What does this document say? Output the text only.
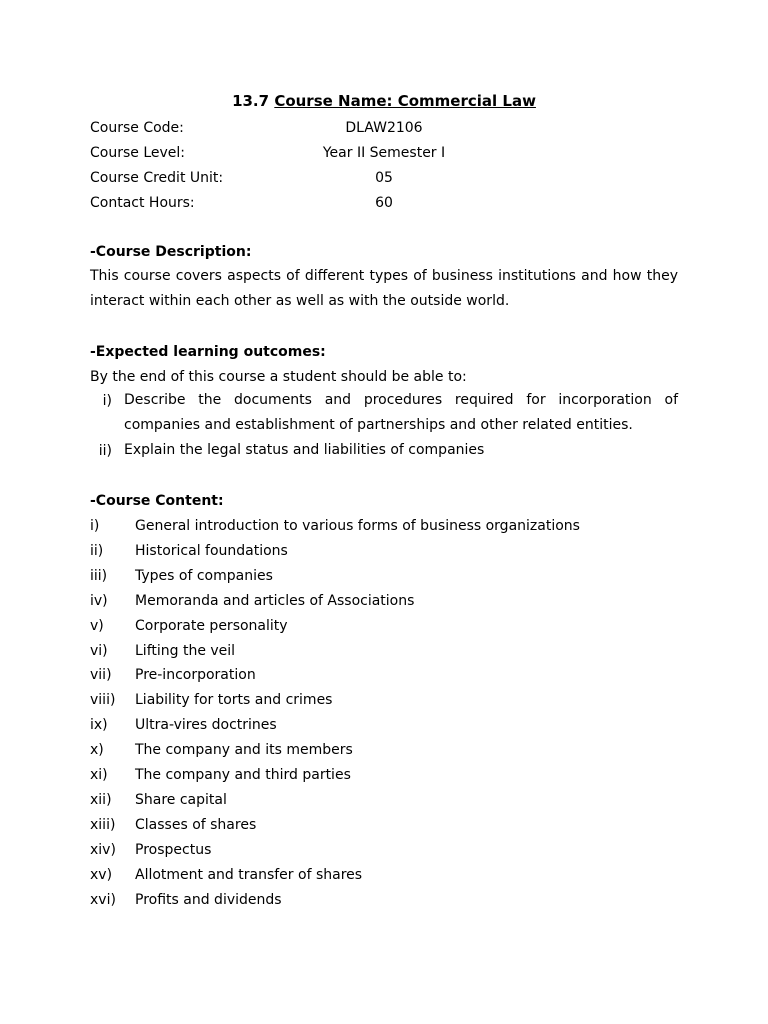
13.7 Course Name: Commercial Law
Course Code:	DLAW2106
Course Level:	Year II Semester I
Course Credit Unit:	05
Contact Hours:	60
-Course Description:

This course covers aspects of different types of business institutions and how they interact within each other as well as with the outside world.

-Expected learning outcomes:
By the end of this course a student should be able to:
i) Describe the documents and procedures required for incorporation of companies and establishment of partnerships and other related entities.

ii) Explain the legal status and liabilities of companies

-Course Content:
i)	General introduction to various forms of business organizations
ii) Historical foundations
iii) Types of companies
iv) Memoranda and articles of Associations
v) Corporate personality
vi) Lifting the veil
vii) Pre-incorporation
viii) Liability for torts and crimes
ix) Ultra-vires doctrines
x) The company and its members
xi) The company and third parties
xii) Share capital
xiii) Classes of shares
xiv) Prospectus
xv) Allotment and transfer of shares
xvi) Profits and dividends
